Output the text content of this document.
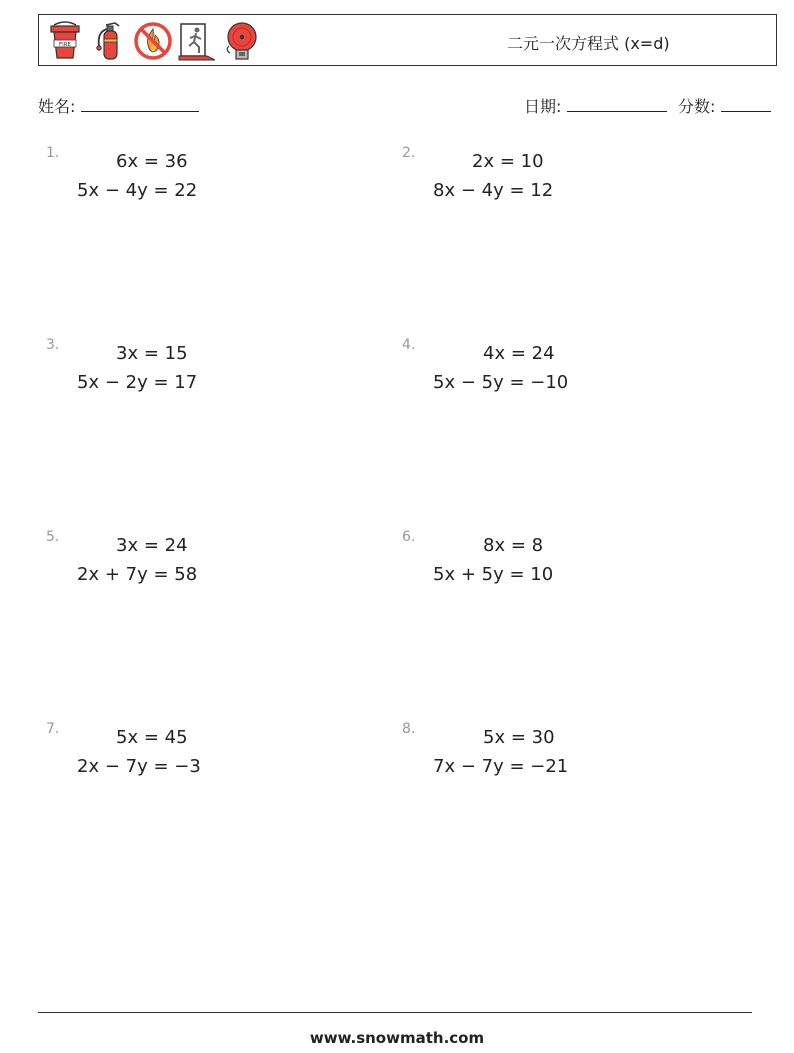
FIRE	二元一次方程式 (x=d)
姓名:	日期:	分数:
1.	6x = 36
5x − 4y = 22
2.	2x = 10
8x − 4y = 12
3.	3x = 15
5x − 2y = 17
4.	4x = 24
5x − 5y = −10
5.	3x = 24
2x + 7y = 58
6.	8x = 8
5x + 5y = 10
7.	5x = 45
2x − 7y = −3
8.	5x = 30
7x − 7y = −21
www.snowmath.com
